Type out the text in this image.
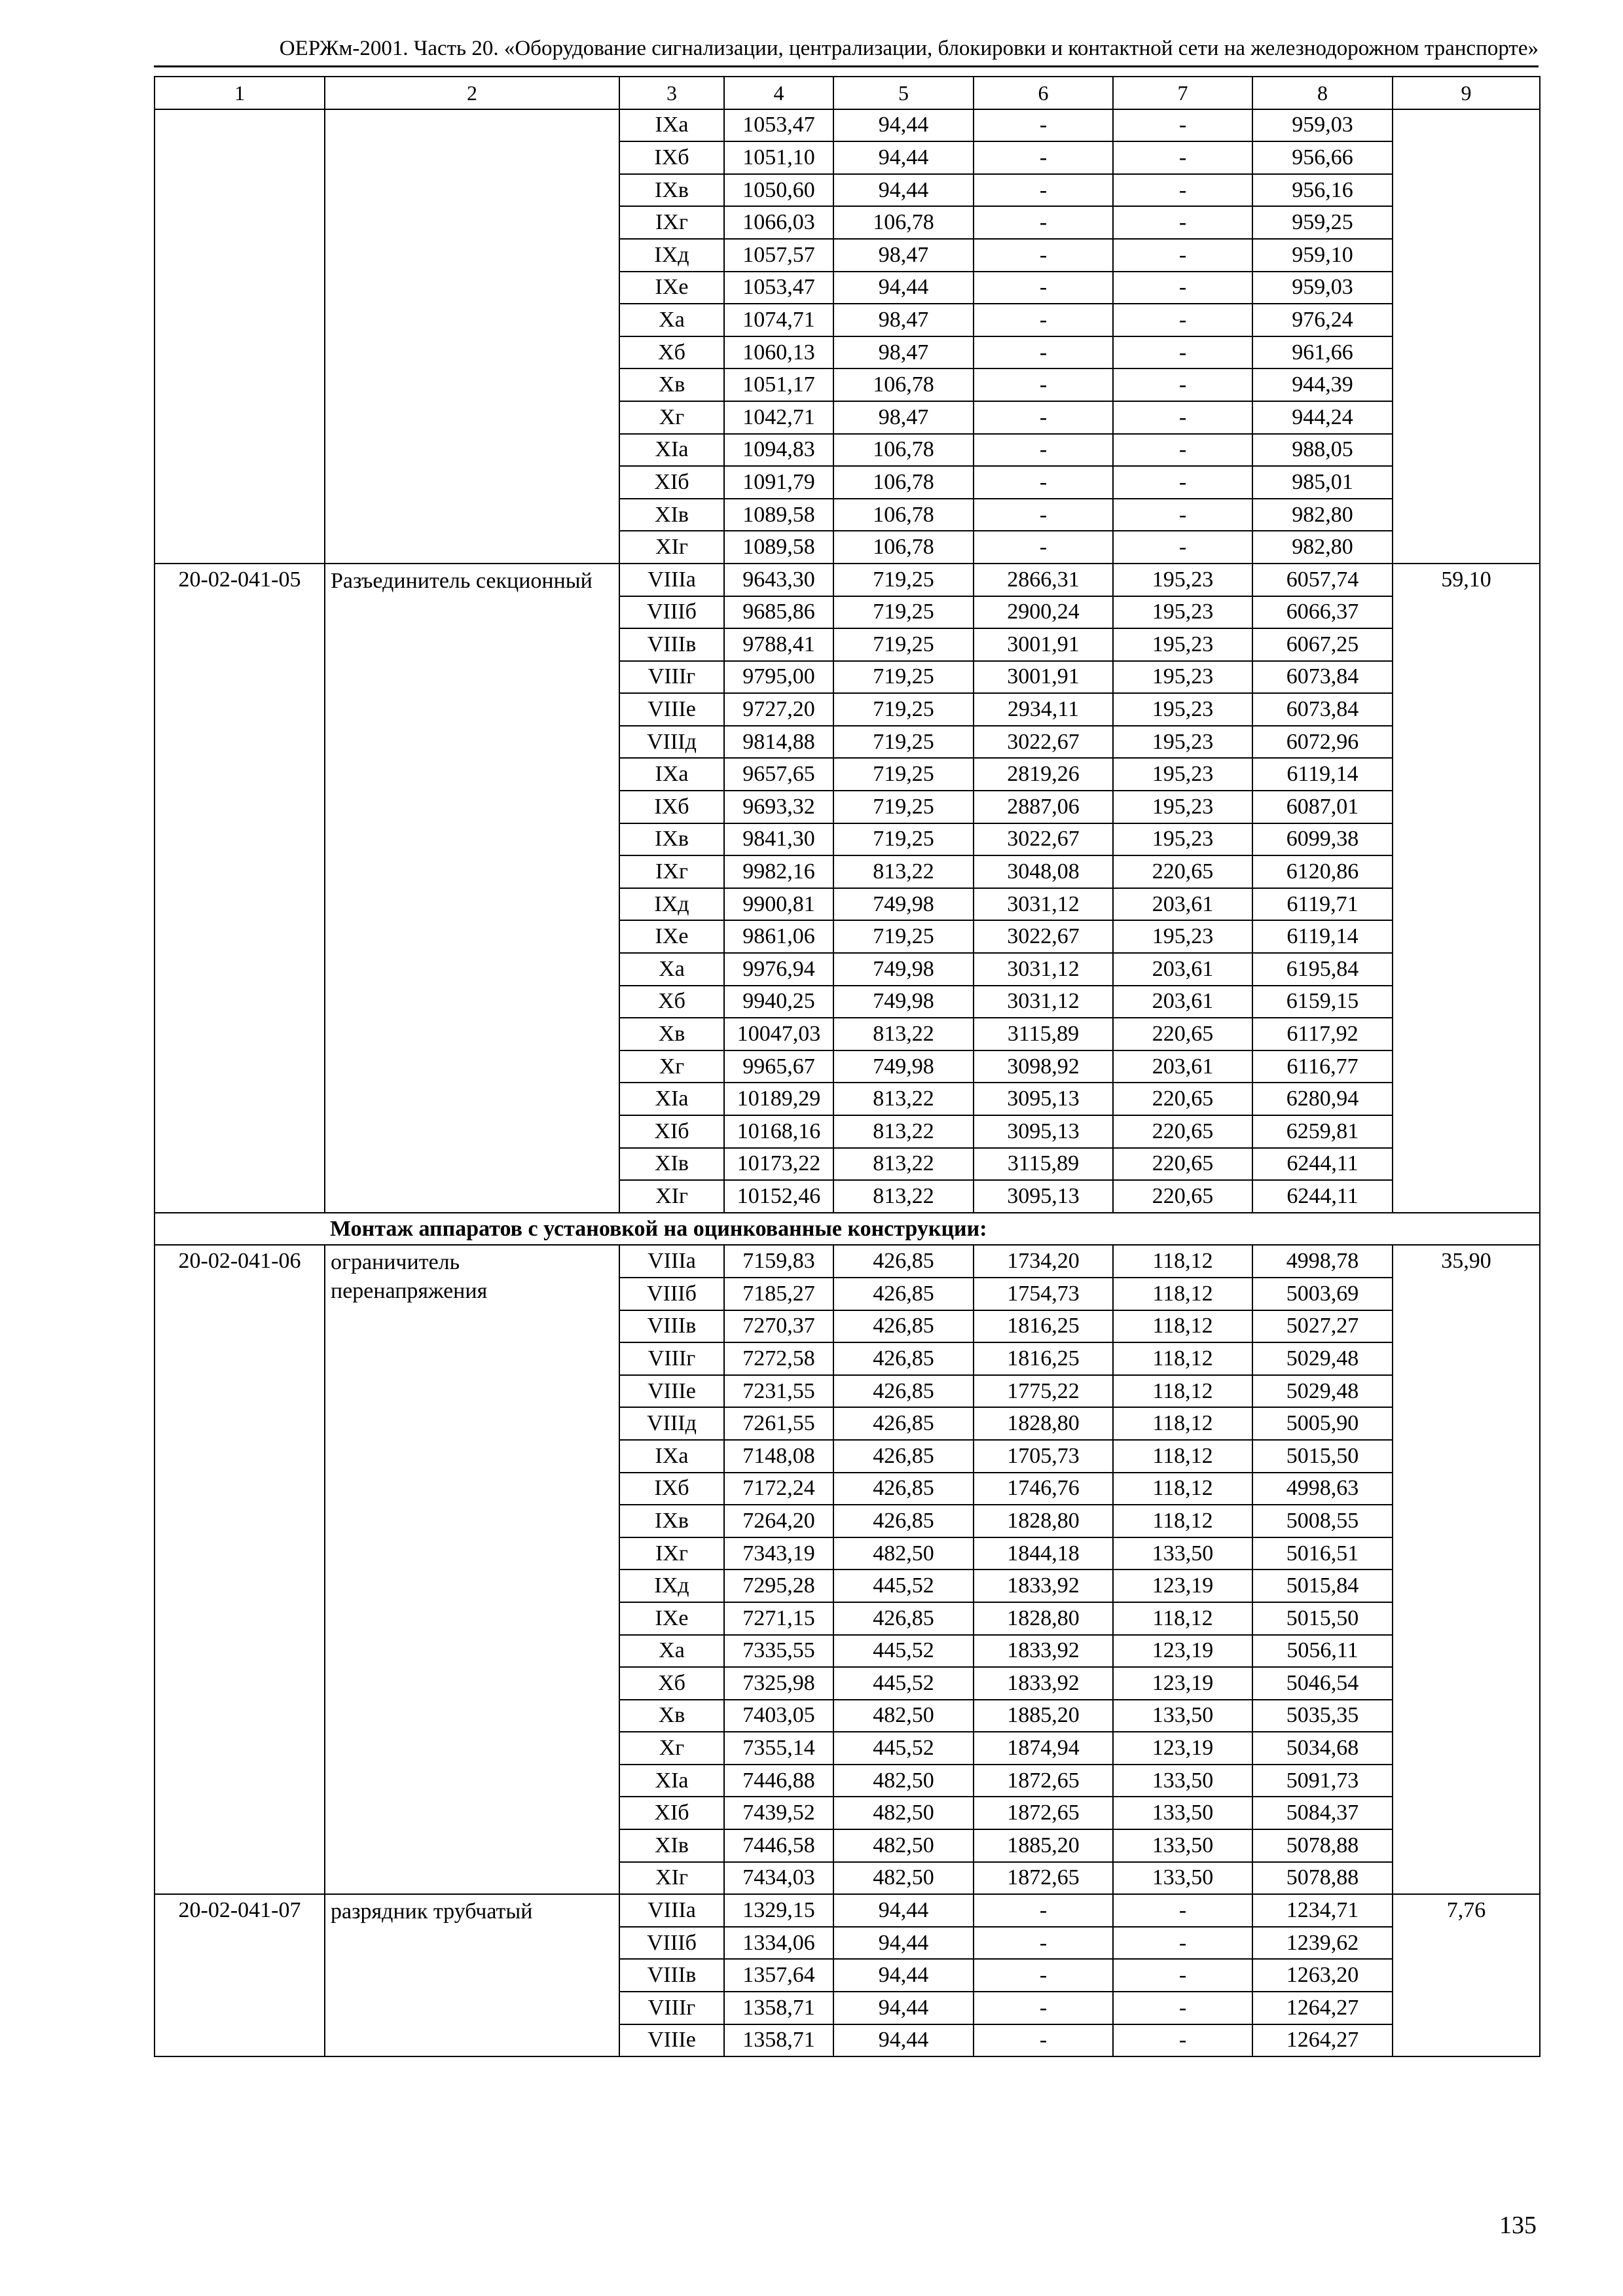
ОЕРЖм-2001. Часть 20. «Оборудование сигнализации, централизации, блокировки и контактной сети на железнодорожном транспорте»
1	2	3	4	5	6	7	8	9
		IXа	1053,47	94,44	-	-	959,03	
		IXб	1051,10	94,44	-	-	956,66	
		IXв	1050,60	94,44	-	-	956,16	
		IXг	1066,03	106,78	-	-	959,25	
		IXд	1057,57	98,47	-	-	959,10	
		IXе	1053,47	94,44	-	-	959,03	
		Xа	1074,71	98,47	-	-	976,24	
		Xб	1060,13	98,47	-	-	961,66	
		Xв	1051,17	106,78	-	-	944,39	
		Xг	1042,71	98,47	-	-	944,24	
		XIа	1094,83	106,78	-	-	988,05	
		XIб	1091,79	106,78	-	-	985,01	
		XIв	1089,58	106,78	-	-	982,80	
		XIг	1089,58	106,78	-	-	982,80	
20-02-041-05	Разъединитель секционный	VIIIа	9643,30	719,25	2866,31	195,23	6057,74	59,10
		VIIIб	9685,86	719,25	2900,24	195,23	6066,37	
		VIIIв	9788,41	719,25	3001,91	195,23	6067,25	
		VIIIг	9795,00	719,25	3001,91	195,23	6073,84	
		VIIIе	9727,20	719,25	2934,11	195,23	6073,84	
		VIIIд	9814,88	719,25	3022,67	195,23	6072,96	
		IXа	9657,65	719,25	2819,26	195,23	6119,14	
		IXб	9693,32	719,25	2887,06	195,23	6087,01	
		IXв	9841,30	719,25	3022,67	195,23	6099,38	
		IXг	9982,16	813,22	3048,08	220,65	6120,86	
		IXд	9900,81	749,98	3031,12	203,61	6119,71	
		IXе	9861,06	719,25	3022,67	195,23	6119,14	
		Xа	9976,94	749,98	3031,12	203,61	6195,84	
		Xб	9940,25	749,98	3031,12	203,61	6159,15	
		Xв	10047,03	813,22	3115,89	220,65	6117,92	
		Xг	9965,67	749,98	3098,92	203,61	6116,77	
		XIа	10189,29	813,22	3095,13	220,65	6280,94	
		XIб	10168,16	813,22	3095,13	220,65	6259,81	
		XIв	10173,22	813,22	3115,89	220,65	6244,11	
		XIг	10152,46	813,22	3095,13	220,65	6244,11	
	Монтаж аппаратов с установкой на оцинкованные конструкции:							
20-02-041-06	ограничитель перенапряжения	VIIIа	7159,83	426,85	1734,20	118,12	4998,78	35,90
		VIIIб	7185,27	426,85	1754,73	118,12	5003,69	
		VIIIв	7270,37	426,85	1816,25	118,12	5027,27	
		VIIIг	7272,58	426,85	1816,25	118,12	5029,48	
		VIIIе	7231,55	426,85	1775,22	118,12	5029,48	
		VIIIд	7261,55	426,85	1828,80	118,12	5005,90	
		IXа	7148,08	426,85	1705,73	118,12	5015,50	
		IXб	7172,24	426,85	1746,76	118,12	4998,63	
		IXв	7264,20	426,85	1828,80	118,12	5008,55	
		IXг	7343,19	482,50	1844,18	133,50	5016,51	
		IXд	7295,28	445,52	1833,92	123,19	5015,84	
		IXе	7271,15	426,85	1828,80	118,12	5015,50	
		Xа	7335,55	445,52	1833,92	123,19	5056,11	
		Xб	7325,98	445,52	1833,92	123,19	5046,54	
		Xв	7403,05	482,50	1885,20	133,50	5035,35	
		Xг	7355,14	445,52	1874,94	123,19	5034,68	
		XIа	7446,88	482,50	1872,65	133,50	5091,73	
		XIб	7439,52	482,50	1872,65	133,50	5084,37	
		XIв	7446,58	482,50	1885,20	133,50	5078,88	
		XIг	7434,03	482,50	1872,65	133,50	5078,88	
20-02-041-07	разрядник трубчатый	VIIIа	1329,15	94,44	-	-	1234,71	7,76
		VIIIб	1334,06	94,44	-	-	1239,62	
		VIIIв	1357,64	94,44	-	-	1263,20	
		VIIIг	1358,71	94,44	-	-	1264,27	
		VIIIе	1358,71	94,44	-	-	1264,27	
135
